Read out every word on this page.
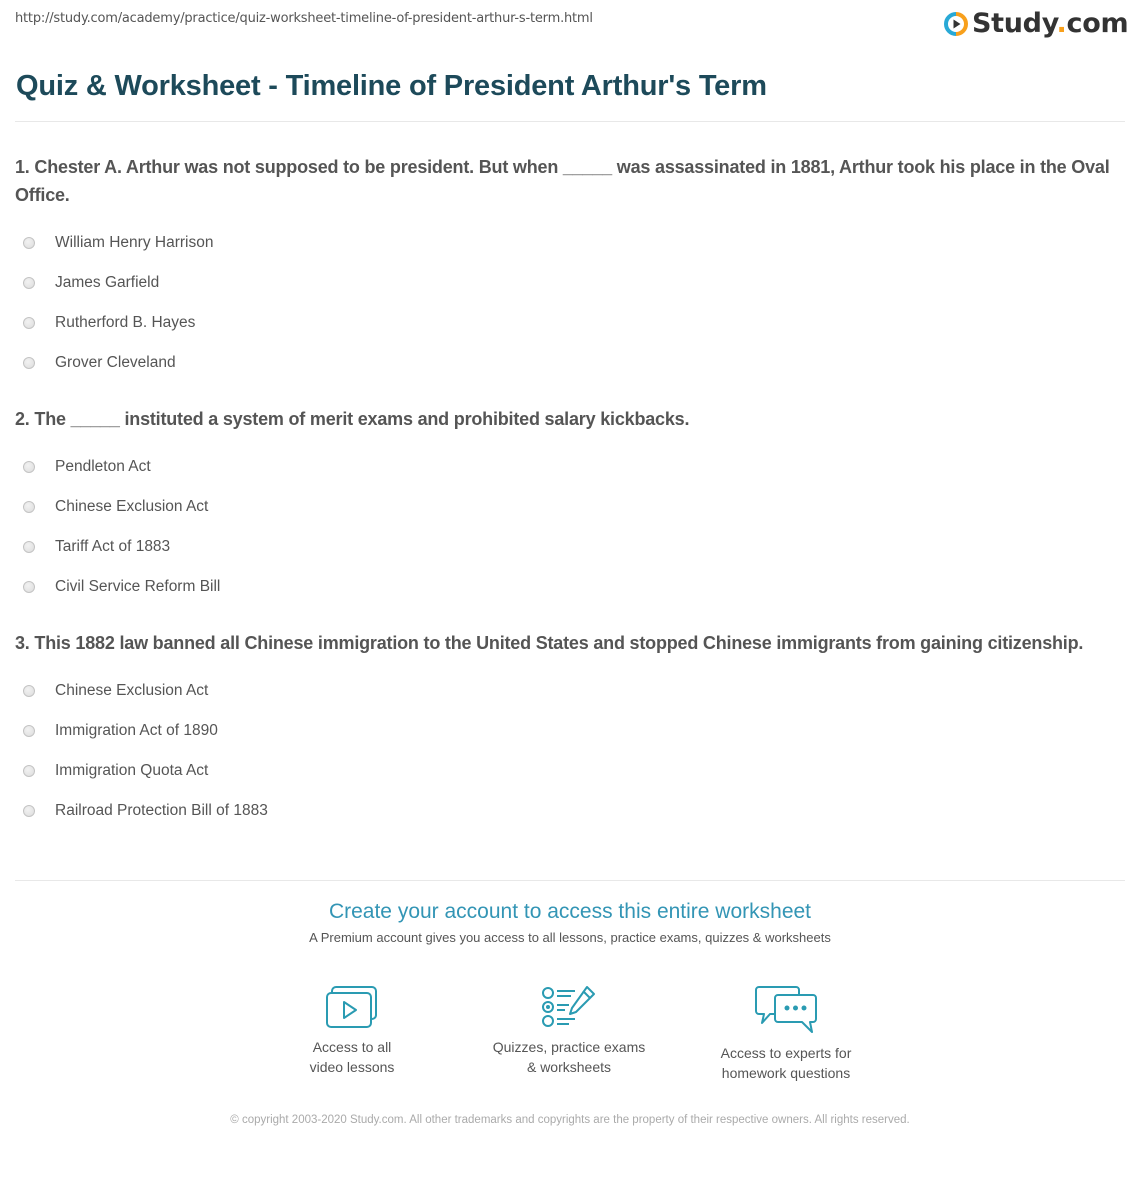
http://study.com/academy/practice/quiz-worksheet-timeline-of-president-arthur-s-term.html	Study.com
Quiz & Worksheet - Timeline of President Arthur's Term
1. Chester A. Arthur was not supposed to be president. But when _____ was assassinated in 1881, Arthur took his place in the Oval Office.
William Henry Harrison
James Garfield
Rutherford B. Hayes
Grover Cleveland
2. The _____ instituted a system of merit exams and prohibited salary kickbacks.
Pendleton Act
Chinese Exclusion Act
Tariff Act of 1883
Civil Service Reform Bill
3. This 1882 law banned all Chinese immigration to the United States and stopped Chinese immigrants from gaining citizenship.
Chinese Exclusion Act
Immigration Act of 1890
Immigration Quota Act
Railroad Protection Bill of 1883
Create your account to access this entire worksheet
A Premium account gives you access to all lessons, practice exams, quizzes & worksheets
Access to all
video lessons
Quizzes, practice exams
& worksheets
Access to experts for
homework questions
© copyright 2003-2020 Study.com. All other trademarks and copyrights are the property of their respective owners. All rights reserved.
